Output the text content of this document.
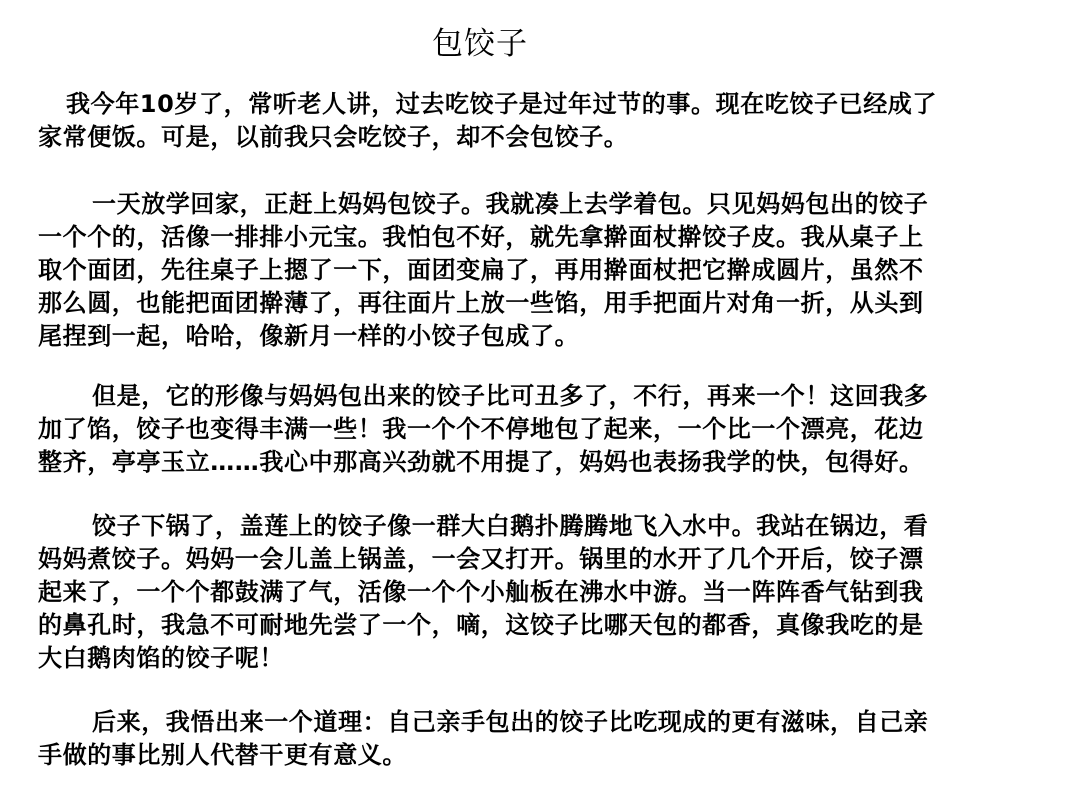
包饺子
我今年10岁了，常听老人讲，过去吃饺子是过年过节的事。现在吃饺子已经成了
家常便饭。可是，以前我只会吃饺子，却不会包饺子。
一天放学回家，正赶上妈妈包饺子。我就凑上去学着包。只见妈妈包出的饺子
一个个的，活像一排排小元宝。我怕包不好，就先拿擀面杖擀饺子皮。我从桌子上
取个面团，先往桌子上摁了一下，面团变扁了，再用擀面杖把它擀成圆片，虽然不
那么圆，也能把面团擀薄了，再往面片上放一些馅，用手把面片对角一折，从头到
尾捏到一起，哈哈，像新月一样的小饺子包成了。
但是，它的形像与妈妈包出来的饺子比可丑多了，不行，再来一个！这回我多
加了馅，饺子也变得丰满一些！我一个个不停地包了起来，一个比一个漂亮，花边
整齐，亭亭玉立……我心中那高兴劲就不用提了，妈妈也表扬我学的快，包得好。
饺子下锅了，盖莲上的饺子像一群大白鹅扑腾腾地飞入水中。我站在锅边，看
妈妈煮饺子。妈妈一会儿盖上锅盖，一会又打开。锅里的水开了几个开后，饺子漂
起来了，一个个都鼓满了气，活像一个个小舢板在沸水中游。当一阵阵香气钻到我
的鼻孔时，我急不可耐地先尝了一个，嘀，这饺子比哪天包的都香，真像我吃的是
大白鹅肉馅的饺子呢！
后来，我悟出来一个道理：自己亲手包出的饺子比吃现成的更有滋味，自己亲
手做的事比别人代替干更有意义。
